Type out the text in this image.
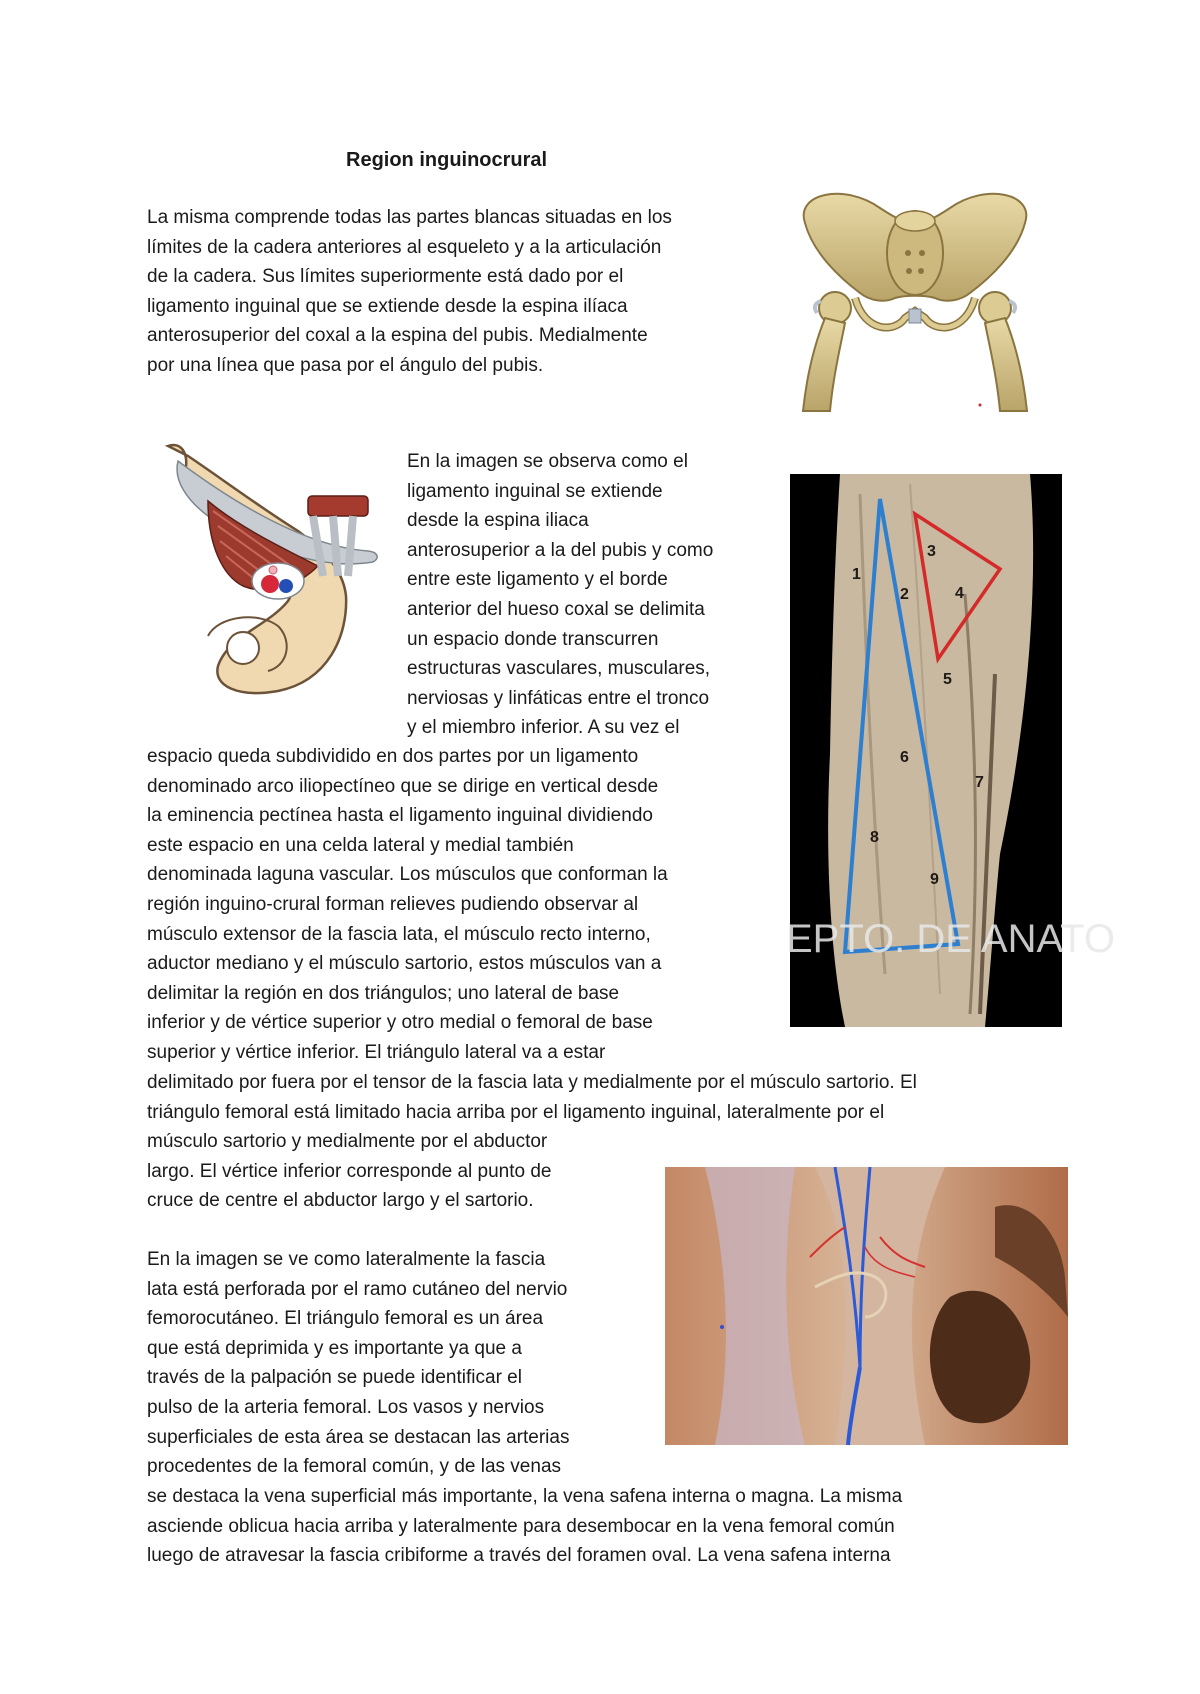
Region inguinocrural

La misma comprende todas las partes blancas situadas en los
límites de la cadera anteriores al esqueleto y a la articulación
de la cadera. Sus límites superiormente está dado por el
ligamento inguinal que se extiende desde la espina ilíaca
anterosuperior del coxal a la espina del pubis. Medialmente
por una línea que pasa por el ángulo del pubis.

En la imagen se observa como el
ligamento inguinal se extiende
desde la espina iliaca
anterosuperior a la del pubis y como
entre este ligamento y el borde
anterior del hueso coxal se delimita
un espacio donde transcurren
estructuras vasculares, musculares,
nerviosas y linfáticas entre el tronco
y el miembro inferior. A su vez el

1
2
3
4
5
6
7
8
9
EPTO. DE ANATO

espacio queda subdividido en dos partes por un ligamento
denominado arco iliopectíneo que se dirige en vertical desde
la eminencia pectínea hasta el ligamento inguinal dividiendo
este espacio en una celda lateral y medial también
denominada laguna vascular. Los músculos que conforman la
región inguino-crural forman relieves pudiendo observar al
músculo extensor de la fascia lata, el músculo recto interno,
aductor mediano y el músculo sartorio, estos músculos van a
delimitar la región en dos triángulos; uno lateral de base
inferior y de vértice superior y otro medial o femoral de base
superior y vértice inferior. El triángulo lateral va a estar

delimitado por fuera por el tensor de la fascia lata y medialmente por el músculo sartorio. El
triángulo femoral está limitado hacia arriba por el ligamento inguinal, lateralmente por el

músculo sartorio y medialmente por el abductor
largo. El vértice inferior corresponde al punto de
cruce de centre el abductor largo y el sartorio.

En la imagen se ve como lateralmente la fascia
lata está perforada por el ramo cutáneo del nervio
femorocutáneo. El triángulo femoral es un área
que está deprimida y es importante ya que a
través de la palpación se puede identificar el
pulso de la arteria femoral. Los vasos y nervios
superficiales de esta área se destacan las arterias
procedentes de la femoral común, y de las venas

se destaca la vena superficial más importante, la vena safena interna o magna. La misma
asciende oblicua hacia arriba y lateralmente para desembocar en la vena femoral común
luego de atravesar la fascia cribiforme a través del foramen oval. La vena safena interna
